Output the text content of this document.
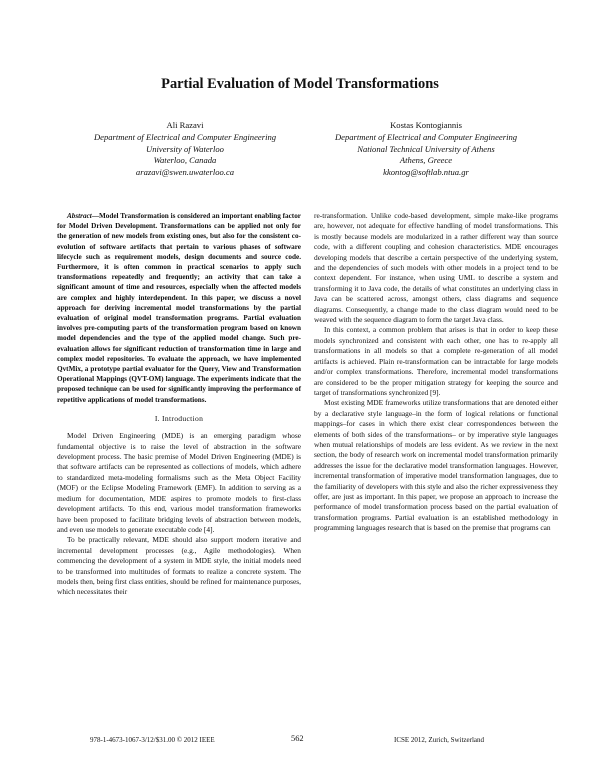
Partial Evaluation of Model Transformations
Ali Razavi
Department of Electrical and Computer Engineering
University of Waterloo
Waterloo, Canada
arazavi@swen.uwaterloo.ca
Kostas Kontogiannis
Department of Electrical and Computer Engineering
National Technical University of Athens
Athens, Greece
kkontog@softlab.ntua.gr

Abstract—Model Transformation is considered an important enabling factor for Model Driven Development. Transformations can be applied not only for the generation of new models from existing ones, but also for the consistent co-evolution of software artifacts that pertain to various phases of software lifecycle such as requirement models, design documents and source code. Furthermore, it is often common in practical scenarios to apply such transformations repeatedly and frequently; an activity that can take a significant amount of time and resources, especially when the affected models are complex and highly interdependent. In this paper, we discuss a novel approach for deriving incremental model transformations by the partial evaluation of original model transformation programs. Partial evaluation involves pre-computing parts of the transformation program based on known model dependencies and the type of the applied model change. Such pre-evaluation allows for significant reduction of transformation time in large and complex model repositories. To evaluate the approach, we have implemented QvtMix, a prototype partial evaluator for the Query, View and Transformation Operational Mappings (QVT-OM) language. The experiments indicate that the proposed technique can be used for significantly improving the performance of repetitive applications of model transformations.

I. Introduction

Model Driven Engineering (MDE) is an emerging paradigm whose fundamental objective is to raise the level of abstraction in the software development process. The basic premise of Model Driven Engineering (MDE) is that software artifacts can be represented as collections of models, which adhere to standardized meta-modeling formalisms such as the Meta Object Facility (MOF) or the Eclipse Modeling Framework (EMF). In addition to serving as a medium for documentation, MDE aspires to promote models to first-class development artifacts. To this end, various model transformation frameworks have been proposed to facilitate bridging levels of abstraction between models, and even use models to generate executable code [4].

To be practically relevant, MDE should also support modern iterative and incremental development processes (e.g., Agile methodologies). When commencing the development of a system in MDE style, the initial models need to be transformed into multitudes of formats to realize a concrete system. The models then, being first class entities, should be refined for maintenance purposes, which necessitates their

re-transformation. Unlike code-based development, simple make-like programs are, however, not adequate for effective handling of model transformations. This is mostly because models are modularized in a rather different way than source code, with a different coupling and cohesion characteristics. MDE encourages developing models that describe a certain perspective of the underlying system, and the dependencies of such models with other models in a project tend to be context dependent. For instance, when using UML to describe a system and transforming it to Java code, the details of what constitutes an underlying class in Java can be scattered across, amongst others, class diagrams and sequence diagrams. Consequently, a change made to the class diagram would need to be weaved with the sequence diagram to form the target Java class.

In this context, a common problem that arises is that in order to keep these models synchronized and consistent with each other, one has to re-apply all transformations in all models so that a complete re-generation of all model artifacts is achieved. Plain re-transformation can be intractable for large models and/or complex transformations. Therefore, incremental model transformations are considered to be the proper mitigation strategy for keeping the source and target of transformations synchronized [9].

Most existing MDE frameworks utilize transformations that are denoted either by a declarative style language–in the form of logical relations or functional mappings–for cases in which there exist clear correspondences between the elements of both sides of the transformations– or by imperative style languages when mutual relationships of models are less evident. As we review in the next section, the body of research work on incremental model transformation primarily addresses the issue for the declarative model transformation languages. However, incremental transformation of imperative model transformation languages, due to the familiarity of developers with this style and also the richer expressiveness they offer, are just as important. In this paper, we propose an approach to increase the performance of model transformation process based on the partial evaluation of transformation programs. Partial evaluation is an established methodology in programming languages research that is based on the premise that programs can

978-1-4673-1067-3/12/$31.00 © 2012 IEEE	562	ICSE 2012, Zurich, Switzerland
